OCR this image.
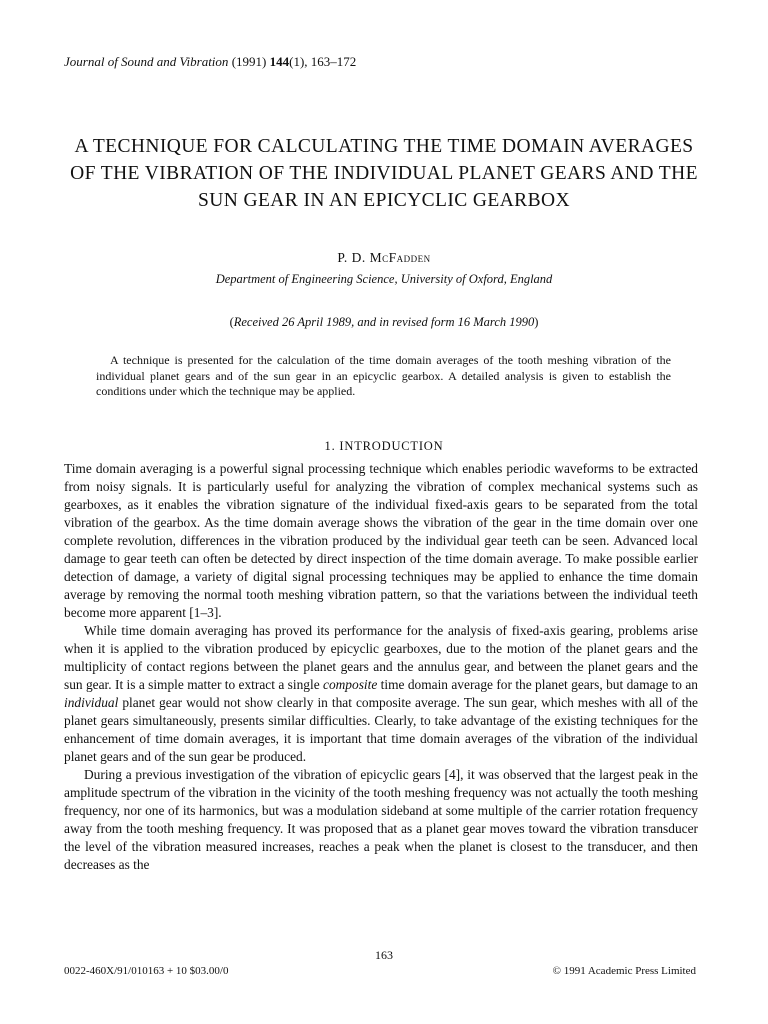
Journal of Sound and Vibration (1991) 144(1), 163–172
A TECHNIQUE FOR CALCULATING THE TIME DOMAIN AVERAGES OF THE VIBRATION OF THE INDIVIDUAL PLANET GEARS AND THE SUN GEAR IN AN EPICYCLIC GEARBOX
P. D. McFadden
Department of Engineering Science, University of Oxford, England
(Received 26 April 1989, and in revised form 16 March 1990)

A technique is presented for the calculation of the time domain averages of the tooth meshing vibration of the individual planet gears and of the sun gear in an epicyclic gearbox. A detailed analysis is given to establish the conditions under which the technique may be applied.

1. INTRODUCTION

Time domain averaging is a powerful signal processing technique which enables periodic waveforms to be extracted from noisy signals. It is particularly useful for analyzing the vibration of complex mechanical systems such as gearboxes, as it enables the vibration signature of the individual fixed-axis gears to be separated from the total vibration of the gearbox. As the time domain average shows the vibration of the gear in the time domain over one complete revolution, differences in the vibration produced by the individual gear teeth can be seen. Advanced local damage to gear teeth can often be detected by direct inspection of the time domain average. To make possible earlier detection of damage, a variety of digital signal processing techniques may be applied to enhance the time domain average by removing the normal tooth meshing vibration pattern, so that the variations between the individual teeth become more apparent [1–3].

While time domain averaging has proved its performance for the analysis of fixed-axis gearing, problems arise when it is applied to the vibration produced by epicyclic gearboxes, due to the motion of the planet gears and the multiplicity of contact regions between the planet gears and the annulus gear, and between the planet gears and the sun gear. It is a simple matter to extract a single composite time domain average for the planet gears, but damage to an individual planet gear would not show clearly in that composite average. The sun gear, which meshes with all of the planet gears simultaneously, presents similar difficulties. Clearly, to take advantage of the existing techniques for the enhancement of time domain averages, it is important that time domain averages of the vibration of the individual planet gears and of the sun gear be produced.

During a previous investigation of the vibration of epicyclic gears [4], it was observed that the largest peak in the amplitude spectrum of the vibration in the vicinity of the tooth meshing frequency was not actually the tooth meshing frequency, nor one of its harmonics, but was a modulation sideband at some multiple of the carrier rotation frequency away from the tooth meshing frequency. It was proposed that as a planet gear moves toward the vibration transducer the level of the vibration measured increases, reaches a peak when the planet is closest to the transducer, and then decreases as the

163
0022-460X/91/010163 + 10 $03.00/0	© 1991 Academic Press Limited
